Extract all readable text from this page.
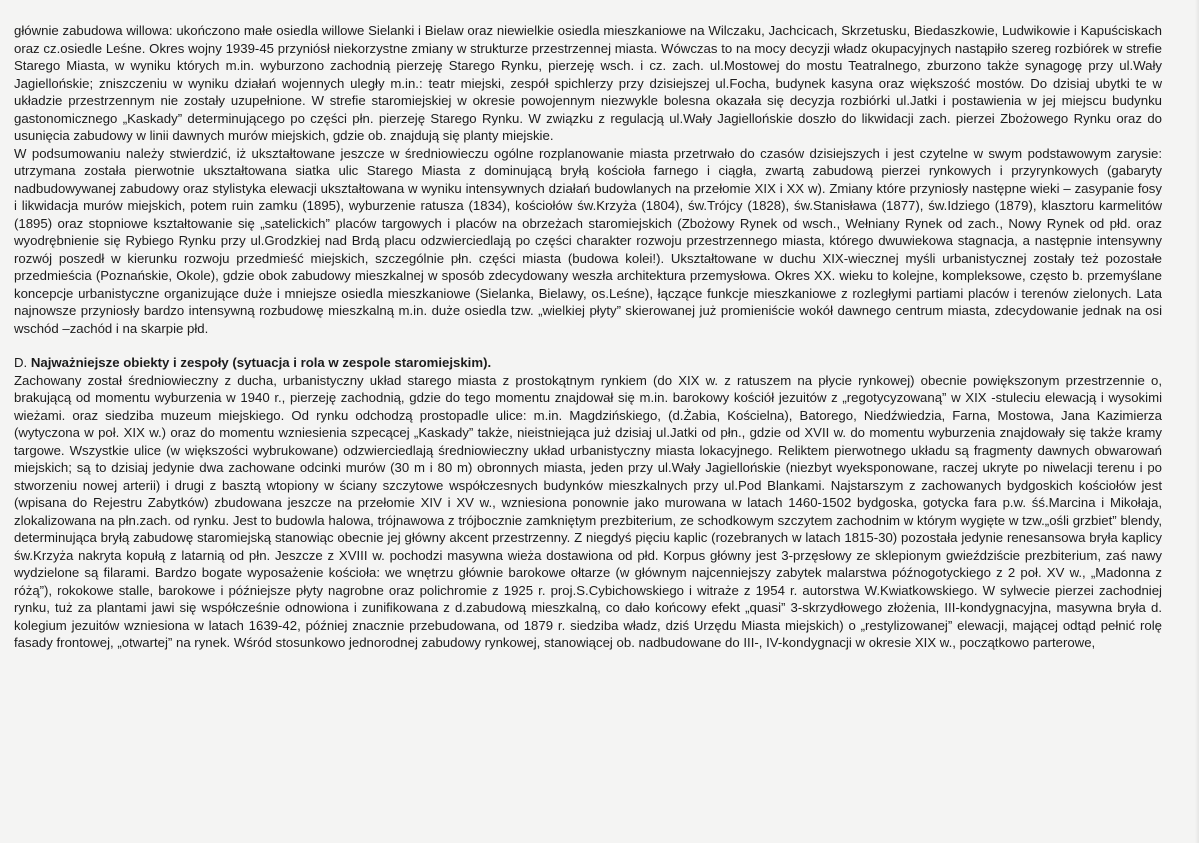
głównie zabudowa willowa: ukończono małe osiedla willowe Sielanki i Bielaw oraz niewielkie osiedla mieszkaniowe na Wilczaku, Jachcicach, Skrzetusku, Biedaszkowie, Ludwikowie i Kapuściskach oraz cz.osiedle Leśne. Okres wojny 1939-45 przyniósł niekorzystne zmiany w strukturze przestrzennej miasta. Wówczas to na mocy decyzji władz okupacyjnych nastąpiło szereg rozbiórek w strefie Starego Miasta, w wyniku których m.in. wyburzono zachodnią pierzeję Starego Rynku, pierzeję wsch. i cz. zach. ul.Mostowej do mostu Teatralnego, zburzono także synagogę przy ul.Wały Jagiellońskie; zniszczeniu w wyniku działań wojennych uległy m.in.: teatr miejski, zespół spichlerzy przy dzisiejszej ul.Focha, budynek kasyna oraz większość mostów. Do dzisiaj ubytki te w układzie przestrzennym nie zostały uzupełnione. W strefie staromiejskiej w okresie powojennym niezwykle bolesna okazała się decyzja rozbiórki ul.Jatki i postawienia w jej miejscu budynku gastonomicznego „Kaskady” determinującego po części płn. pierzeję Starego Rynku. W związku z regulacją ul.Wały Jagiellońskie doszło do likwidacji zach. pierzei Zbożowego Rynku oraz do usunięcia zabudowy w linii dawnych murów miejskich, gdzie ob. znajdują się planty miejskie.

W podsumowaniu należy stwierdzić, iż ukształtowane jeszcze w średniowieczu ogólne rozplanowanie miasta przetrwało do czasów dzisiejszych i jest czytelne w swym podstawowym zarysie: utrzymana została pierwotnie ukształtowana siatka ulic Starego Miasta z dominującą bryłą kościoła farnego i ciągła, zwartą zabudową pierzei rynkowych i przyrynkowych (gabaryty nadbudowywanej zabudowy oraz stylistyka elewacji ukształtowana w wyniku intensywnych działań budowlanych na przełomie XIX i XX w). Zmiany które przyniosły następne wieki – zasypanie fosy i likwidacja murów miejskich, potem ruin zamku (1895), wyburzenie ratusza (1834), kościołów św.Krzyża (1804), św.Trójcy (1828), św.Stanisława (1877), św.Idziego (1879), klasztoru karmelitów (1895) oraz stopniowe kształtowanie się „satelickich” placów targowych i placów na obrzeżach staromiejskich (Zbożowy Rynek od wsch., Wełniany Rynek od zach., Nowy Rynek od płd. oraz wyodrębnienie się Rybiego Rynku przy ul.Grodzkiej nad Brdą placu odzwierciedlają po części charakter rozwoju przestrzennego miasta, którego dwuwiekowa stagnacja, a następnie intensywny rozwój poszedł w kierunku rozwoju przedmieść miejskich, szczególnie płn. części miasta (budowa kolei!). Ukształtowane w duchu XIX-wiecznej myśli urbanistycznej zostały też pozostałe przedmieścia (Poznańskie, Okole), gdzie obok zabudowy mieszkalnej w sposób zdecydowany weszła architektura przemysłowa. Okres XX. wieku to kolejne, kompleksowe, często b. przemyślane koncepcje urbanistyczne organizujące duże i mniejsze osiedla mieszkaniowe (Sielanka, Bielawy, os.Leśne), łączące funkcje mieszkaniowe z rozległymi partiami placów i terenów zielonych. Lata najnowsze przyniosły bardzo intensywną rozbudowę mieszkalną m.in. duże osiedla tzw. „wielkiej płyty” skierowanej już promieniście wokół dawnego centrum miasta, zdecydowanie jednak na osi wschód –zachód i na skarpie płd.

D. Najważniejsze obiekty i zespoły (sytuacja i rola w zespole staromiejskim).

Zachowany został średniowieczny z ducha, urbanistyczny układ starego miasta z prostokątnym rynkiem (do XIX w. z ratuszem na płycie rynkowej) obecnie powiększonym przestrzennie o, brakującą od momentu wyburzenia w 1940 r., pierzeję zachodnią, gdzie do tego momentu znajdował się m.in. barokowy kościół jezuitów z „regotycyzowaną” w XIX -stuleciu elewacją i wysokimi wieżami. oraz siedziba muzeum miejskiego. Od rynku odchodzą prostopadle ulice: m.in. Magdzińskiego, (d.Żabia, Kościelna), Batorego, Niedźwiedzia, Farna, Mostowa, Jana Kazimierza (wytyczona w poł. XIX w.) oraz do momentu wzniesienia szpecącej „Kaskady” także, nieistniejąca już dzisiaj ul.Jatki od płn., gdzie od XVII w. do momentu wyburzenia znajdowały się także kramy targowe. Wszystkie ulice (w większości wybrukowane) odzwierciedlają średniowieczny układ urbanistyczny miasta lokacyjnego. Reliktem pierwotnego układu są fragmenty dawnych obwarowań miejskich; są to dzisiaj jedynie dwa zachowane odcinki murów (30 m i 80 m) obronnych miasta, jeden przy ul.Wały Jagiellońskie (niezbyt wyeksponowane, raczej ukryte po niwelacji terenu i po stworzeniu nowej arterii) i drugi z basztą wtopiony w ściany szczytowe współczesnych budynków mieszkalnych przy ul.Pod Blankami. Najstarszym z zachowanych bydgoskich kościołów jest (wpisana do Rejestru Zabytków) zbudowana jeszcze na przełomie XIV i XV w., wzniesiona ponownie jako murowana w latach 1460-1502 bydgoska, gotycka fara p.w. śś.Marcina i Mikołaja, zlokalizowana na płn.zach. od rynku. Jest to budowla halowa, trójnawowa z trójbocznie zamkniętym prezbiterium, ze schodkowym szczytem zachodnim w którym wygięte w tzw.„ośli grzbiet” blendy, determinująca bryłą zabudowę staromiejską stanowiąc obecnie jej główny akcent przestrzenny. Z niegdyś pięciu kaplic (rozebranych w latach 1815-30) pozostała jedynie renesansowa bryła kaplicy św.Krzyża nakryta kopułą z latarnią od płn. Jeszcze z XVIII w. pochodzi masywna wieża dostawiona od płd. Korpus główny jest 3-przęsłowy ze sklepionym gwieździście prezbiterium, zaś nawy wydzielone są filarami. Bardzo bogate wyposażenie kościoła: we wnętrzu głównie barokowe ołtarze (w głównym najcenniejszy zabytek malarstwa późnogotyckiego z 2 poł. XV w., „Madonna z różą”), rokokowe stalle, barokowe i późniejsze płyty nagrobne oraz polichromie z 1925 r. proj.S.Cybichowskiego i witraże z 1954 r. autorstwa W.Kwiatkowskiego. W sylwecie pierzei zachodniej rynku, tuż za plantami jawi się współcześnie odnowiona i zunifikowana z d.zabudową mieszkalną, co dało końcowy efekt „quasi” 3-skrzydłowego złożenia, III-kondygnacyjna, masywna bryła d. kolegium jezuitów wzniesiona w latach 1639-42, później znacznie przebudowana, od 1879 r. siedziba władz, dziś Urzędu Miasta miejskich) o „restylizowanej” elewacji, mającej odtąd pełnić rolę fasady frontowej, „otwartej” na rynek. Wśród stosunkowo jednorodnej zabudowy rynkowej, stanowiącej ob. nadbudowane do III-, IV-kondygnacji w okresie XIX w., początkowo parterowe,
